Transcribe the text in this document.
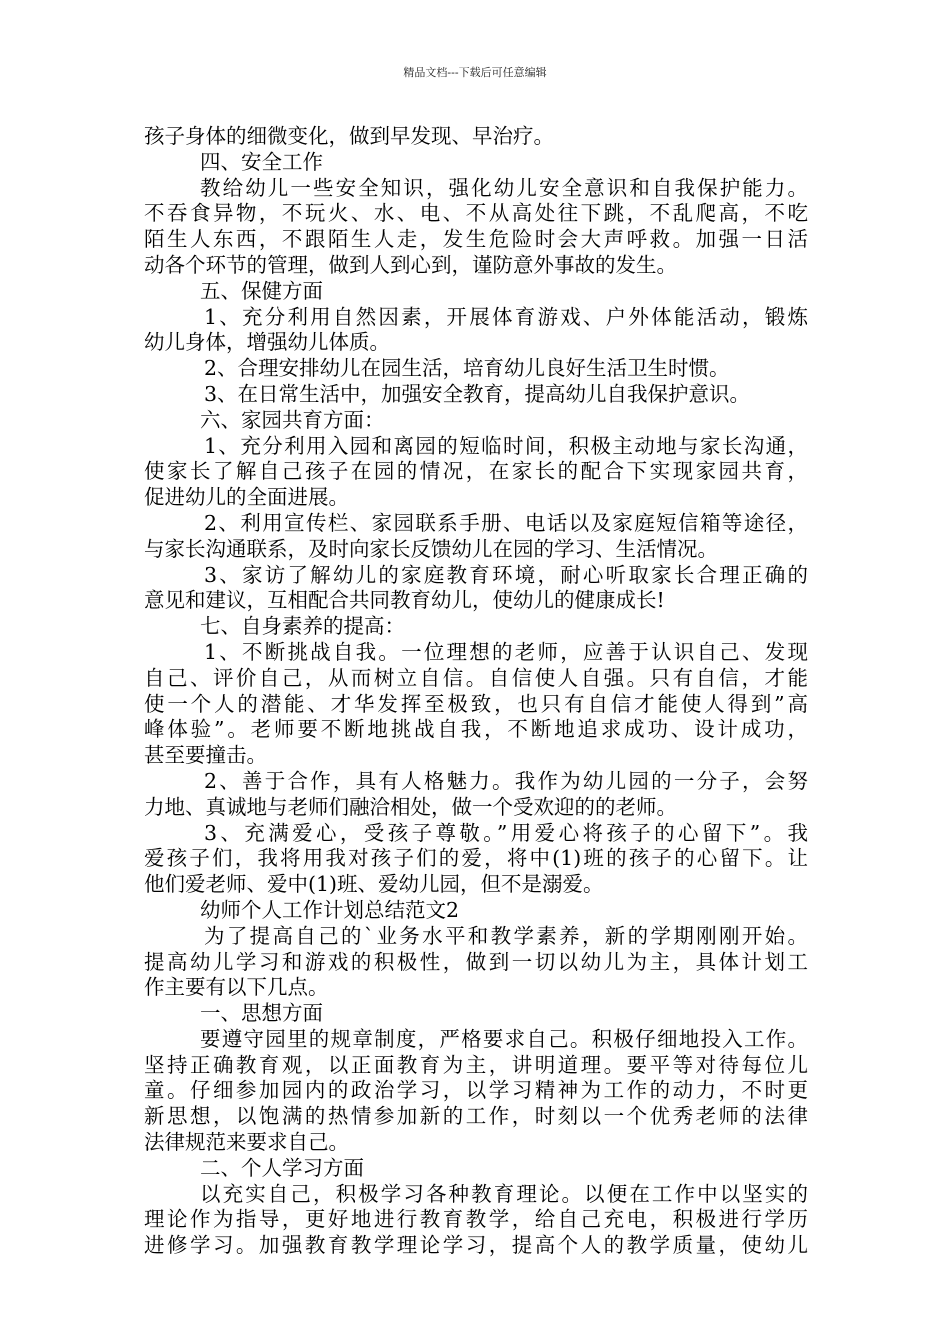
精品文档---下载后可任意编辑
孩子身体的细微变化，做到早发现、早治疗。
四、安全工作
教给幼儿一些安全知识，强化幼儿安全意识和自我保护能力。
不吞食异物，不玩火、水、电、不从高处往下跳，不乱爬高，不吃
陌生人东西，不跟陌生人走，发生危险时会大声呼救。加强一日活
动各个环节的管理，做到人到心到，谨防意外事故的发生。
五、保健方面
1、充分利用自然因素，开展体育游戏、户外体能活动，锻炼
幼儿身体，增强幼儿体质。
2、合理安排幼儿在园生活，培育幼儿良好生活卫生时惯。
3、在日常生活中，加强安全教育，提高幼儿自我保护意识。
六、家园共育方面：
1、充分利用入园和离园的短临时间，积极主动地与家长沟通，
使家长了解自己孩子在园的情况，在家长的配合下实现家园共育，
促进幼儿的全面进展。
2、利用宣传栏、家园联系手册、电话以及家庭短信箱等途径，
与家长沟通联系，及时向家长反馈幼儿在园的学习、生活情况。
3、家访了解幼儿的家庭教育环境，耐心听取家长合理正确的
意见和建议，互相配合共同教育幼儿，使幼儿的健康成长!
七、自身素养的提高：
1、不断挑战自我。一位理想的老师，应善于认识自己、发现
自己、评价自己，从而树立自信。自信使人自强。只有自信，才能
使一个人的潜能、才华发挥至极致，也只有自信才能使人得到”高
峰体验”。老师要不断地挑战自我，不断地追求成功、设计成功，
甚至要撞击。
2、善于合作，具有人格魅力。我作为幼儿园的一分子，会努
力地、真诚地与老师们融洽相处，做一个受欢迎的的老师。
3、充满爱心，受孩子尊敬。”用爱心将孩子的心留下”。我
爱孩子们，我将用我对孩子们的爱，将中(1)班的孩子的心留下。让
他们爱老师、爱中(1)班、爱幼儿园，但不是溺爱。
幼师个人工作计划总结范文2
为了提高自己的`业务水平和教学素养，新的学期刚刚开始。
提高幼儿学习和游戏的积极性，做到一切以幼儿为主，具体计划工
作主要有以下几点。
一、思想方面
要遵守园里的规章制度，严格要求自己。积极仔细地投入工作。
坚持正确教育观，以正面教育为主，讲明道理。要平等对待每位儿
童。仔细参加园内的政治学习，以学习精神为工作的动力，不时更
新思想，以饱满的热情参加新的工作，时刻以一个优秀老师的法律
法律规范来要求自己。
二、个人学习方面
以充实自己，积极学习各种教育理论。以便在工作中以坚实的
理论作为指导，更好地进行教育教学，给自己充电，积极进行学历
进修学习。加强教育教学理论学习，提高个人的教学质量，使幼儿
